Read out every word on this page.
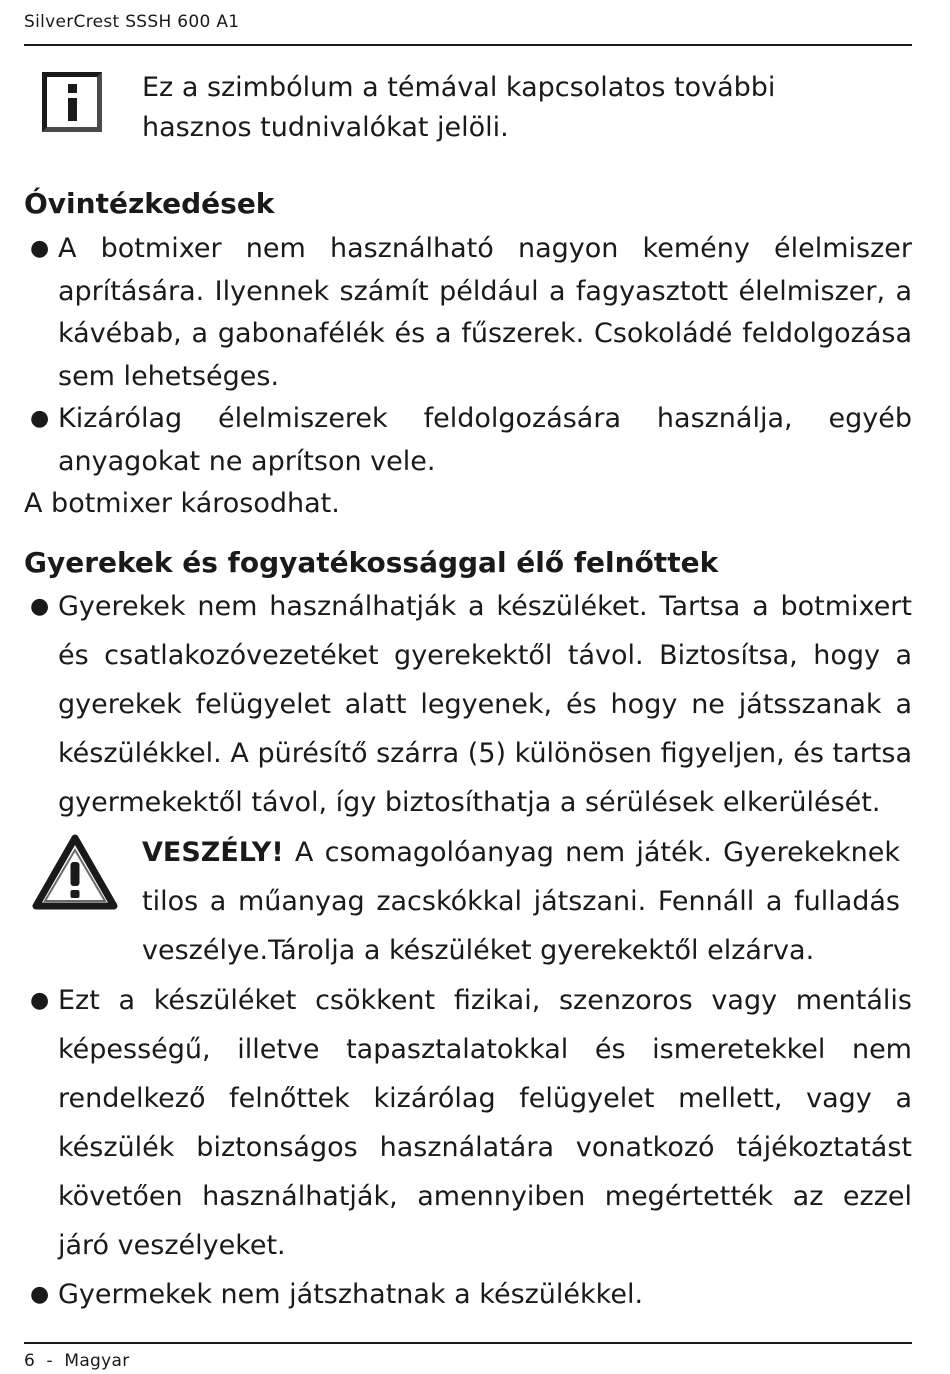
SilverCrest SSSH 600 A1
Ez a szimbólum a témával kapcsolatos további hasznos tudnivalókat jelöli.
Óvintézkedések
● A botmixer nem használható nagyon kemény élelmiszer aprítására. Ilyennek számít például a fagyasztott élelmiszer, a kávébab, a gabonafélék és a fűszerek. Csokoládé feldolgozása sem lehetséges.
● Kizárólag élelmiszerek feldolgozására használja, egyéb anyagokat ne aprítson vele.
A botmixer károsodhat.
Gyerekek és fogyatékossággal élő felnőttek
● Gyerekek nem használhatják a készüléket. Tartsa a botmixert és csatlakozóvezetéket gyerekektől távol. Biztosítsa, hogy a gyerekek felügyelet alatt legyenek, és hogy ne játsszanak a készülékkel. A pürésítő szárra (5) különösen figyeljen, és tartsa gyermekektől távol, így biztosíthatja a sérülések elkerülését.
VESZÉLY! A csomagolóanyag nem játék. Gyerekeknek tilos a műanyag zacskókkal játszani. Fennáll a fulladás veszélye.Tárolja a készüléket gyerekektől elzárva.
● Ezt a készüléket csökkent fizikai, szenzoros vagy mentális képességű, illetve tapasztalatokkal és ismeretekkel nem rendelkező felnőttek kizárólag felügyelet mellett, vagy a készülék biztonságos használatára vonatkozó tájékoztatást követően használhatják, amennyiben megértették az ezzel járó veszélyeket.
● Gyermekek nem játszhatnak a készülékkel.
6  -  Magyar
